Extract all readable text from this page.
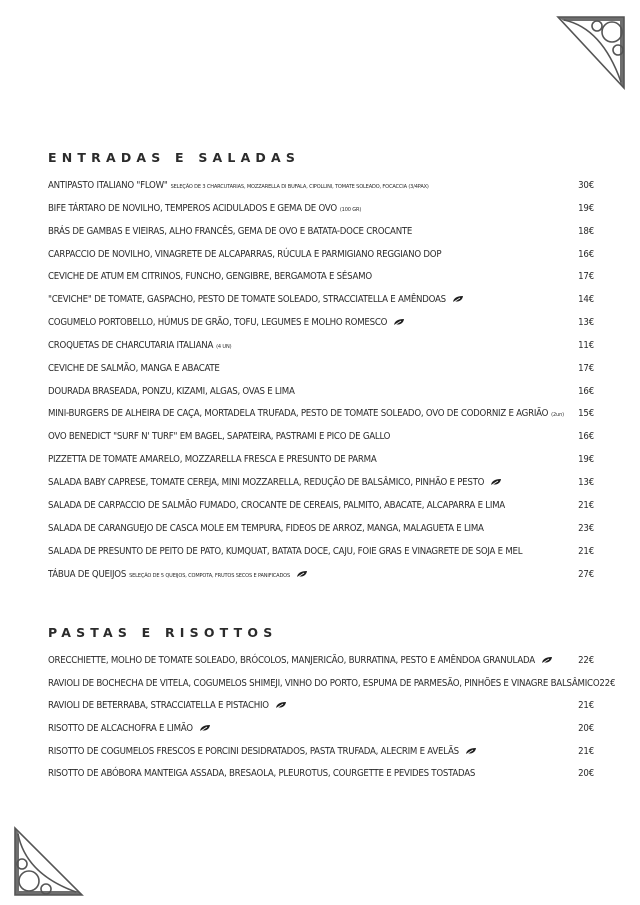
ENTRADAS E SALADAS
ANTIPASTO ITALIANO "FLOW" SELEÇÃO DE 3 CHARCUTARIAS, MOZZARELLA DI BUFALA, CIPOLLINI, TOMATE SOLEADO, FOCACCIA (3/4PAX)	30€
BIFE TÁRTARO DE NOVILHO, TEMPEROS ACIDULADOS E GEMA DE OVO (100 GR)	19€
BRÁS DE GAMBAS E VIEIRAS, ALHO FRANCÊS, GEMA DE OVO E BATATA-DOCE CROCANTE	18€
CARPACCIO DE NOVILHO, VINAGRETE DE ALCAPARRAS, RÚCULA E PARMIGIANO REGGIANO DOP	16€
CEVICHE DE ATUM EM CITRINOS, FUNCHO, GENGIBRE, BERGAMOTA E SÉSAMO	17€
"CEVICHE" DE TOMATE, GASPACHO, PESTO DE TOMATE SOLEADO, STRACCIATELLA E AMÊNDOAS	14€
COGUMELO PORTOBELLO, HÚMUS DE GRÃO, TOFU, LEGUMES E MOLHO ROMESCO	13€
CROQUETAS DE CHARCUTARIA ITALIANA (4 UN)	11€
CEVICHE DE SALMÃO, MANGA E ABACATE	17€
DOURADA BRASEADA, PONZU, KIZAMI, ALGAS, OVAS E LIMA	16€
MINI-BURGERS DE ALHEIRA DE CAÇA, MORTADELA TRUFADA, PESTO DE TOMATE SOLEADO, OVO DE CODORNIZ E AGRIÃO (2un) 15€
OVO BENEDICT "SURF N' TURF" EM BAGEL, SAPATEIRA, PASTRAMI E PICO DE GALLO	16€
PIZZETTA DE TOMATE AMARELO, MOZZARELLA FRESCA E PRESUNTO DE PARMA	19€
SALADA BABY CAPRESE, TOMATE CEREJA, MINI MOZZARELLA, REDUÇÃO DE BALSÂMICO, PINHÃO E PESTO	13€
SALADA DE CARPACCIO DE SALMÃO FUMADO, CROCANTE DE CEREAIS, PALMITO, ABACATE, ALCAPARRA E LIMA	21€
SALADA DE CARANGUEJO DE CASCA MOLE EM TEMPURA, FIDEOS DE ARROZ, MANGA, MALAGUETA E LIMA	23€
SALADA DE PRESUNTO DE PEITO DE PATO, KUMQUAT, BATATA DOCE, CAJU, FOIE GRAS E VINAGRETE DE SOJA E MEL	21€
TÁBUA DE QUEIJOS SELEÇÃO DE 5 QUEIJOS, COMPOTA, FRUTOS SECOS E PANIFICADOS	27€
PASTAS E RISOTTOS
ORECCHIETTE, MOLHO DE TOMATE SOLEADO, BRÓCOLOS, MANJERICÃO, BURRATINA, PESTO E AMÊNDOA GRANULADA	22€
RAVIOLI DE BOCHECHA DE VITELA, COGUMELOS SHIMEJI, VINHO DO PORTO, ESPUMA DE PARMESÃO, PINHÕES E VINAGRE BALSÂMICO 22€
RAVIOLI DE BETERRABA, STRACCIATELLA E PISTACHIO	21€
RISOTTO DE ALCACHOFRA E LIMÃO	20€
RISOTTO DE COGUMELOS FRESCOS E PORCINI DESIDRATADOS, PASTA TRUFADA, ALECRIM E AVELÃS	21€
RISOTTO DE ABÓBORA MANTEIGA ASSADA, BRESAOLA, PLEUROTUS, COURGETTE E PEVIDES TOSTADAS	20€
